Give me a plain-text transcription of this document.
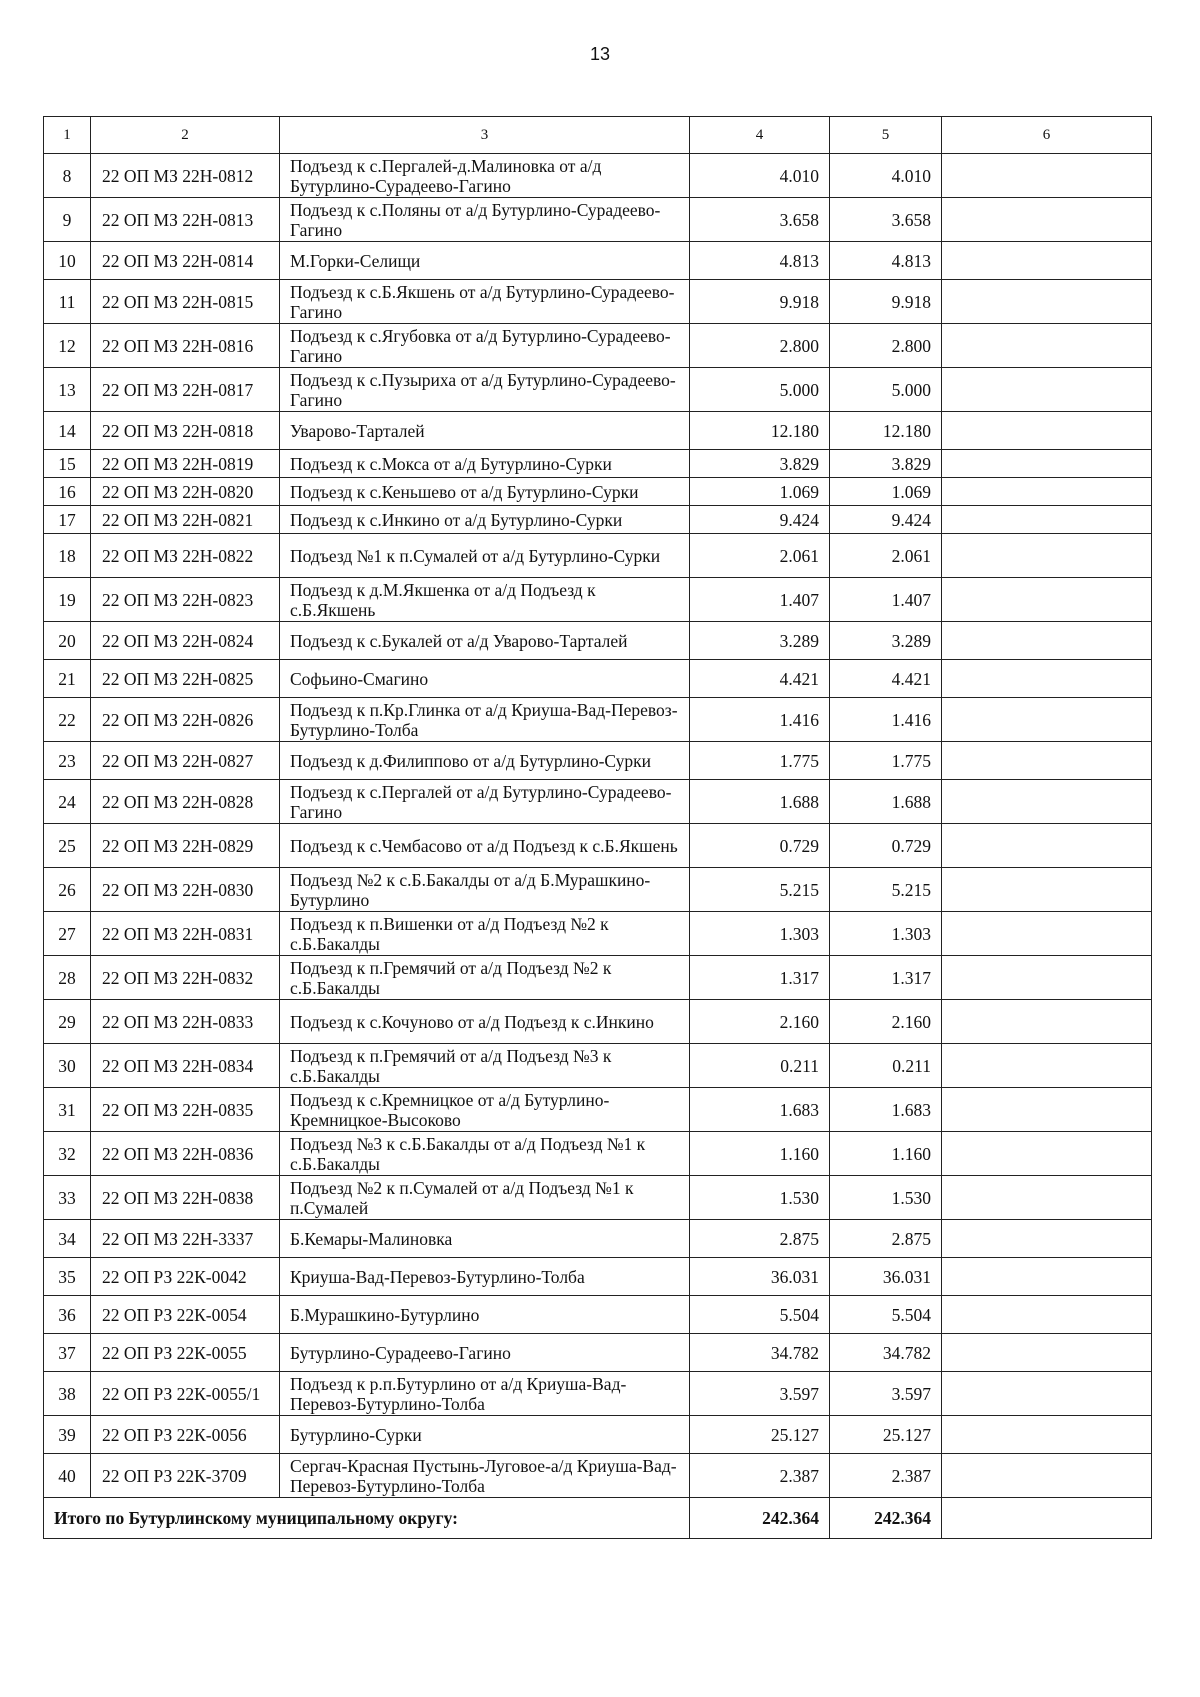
13
1	2	3	4	5	6
8	22 ОП МЗ 22Н-0812	Подъезд к с.Пергалей-д.Малиновка от а/д Бутурлино-Сурадеево-Гагино	4.010	4.010	
9	22 ОП МЗ 22Н-0813	Подъезд к с.Поляны от а/д Бутурлино-Сурадеево-Гагино	3.658	3.658	
10	22 ОП МЗ 22Н-0814	М.Горки-Селищи	4.813	4.813	
11	22 ОП МЗ 22Н-0815	Подъезд к с.Б.Якшень от а/д Бутурлино-Сурадеево-Гагино	9.918	9.918	
12	22 ОП МЗ 22Н-0816	Подъезд к с.Ягубовка от а/д Бутурлино-Сурадеево-Гагино	2.800	2.800	
13	22 ОП МЗ 22Н-0817	Подъезд к с.Пузыриха от а/д Бутурлино-Сурадеево-Гагино	5.000	5.000	
14	22 ОП МЗ 22Н-0818	Уварово-Тарталей	12.180	12.180	
15	22 ОП МЗ 22Н-0819	Подъезд к с.Мокса от а/д Бутурлино-Сурки	3.829	3.829	
16	22 ОП МЗ 22Н-0820	Подъезд к с.Кеньшево от а/д Бутурлино-Сурки	1.069	1.069	
17	22 ОП МЗ 22Н-0821	Подъезд к с.Инкино от а/д Бутурлино-Сурки	9.424	9.424	
18	22 ОП МЗ 22Н-0822	Подъезд №1 к п.Сумалей от а/д Бутурлино-Сурки	2.061	2.061	
19	22 ОП МЗ 22Н-0823	Подъезд к д.М.Якшенка от а/д Подъезд к с.Б.Якшень	1.407	1.407	
20	22 ОП МЗ 22Н-0824	Подъезд к с.Букалей от а/д Уварово-Тарталей	3.289	3.289	
21	22 ОП МЗ 22Н-0825	Софьино-Смагино	4.421	4.421	
22	22 ОП МЗ 22Н-0826	Подъезд к п.Кр.Глинка от а/д Криуша-Вад-Перевоз-Бутурлино-Толба	1.416	1.416	
23	22 ОП МЗ 22Н-0827	Подъезд к д.Филиппово от а/д Бутурлино-Сурки	1.775	1.775	
24	22 ОП МЗ 22Н-0828	Подъезд к с.Пергалей от а/д Бутурлино-Сурадеево-Гагино	1.688	1.688	
25	22 ОП МЗ 22Н-0829	Подъезд к с.Чембасово от а/д Подъезд к с.Б.Якшень	0.729	0.729	
26	22 ОП МЗ 22Н-0830	Подъезд №2 к с.Б.Бакалды от а/д Б.Мурашкино-Бутурлино	5.215	5.215	
27	22 ОП МЗ 22Н-0831	Подъезд к п.Вишенки от а/д Подъезд №2 к с.Б.Бакалды	1.303	1.303	
28	22 ОП МЗ 22Н-0832	Подъезд к п.Гремячий от а/д Подъезд №2 к с.Б.Бакалды	1.317	1.317	
29	22 ОП МЗ 22Н-0833	Подъезд к с.Кочуново от а/д Подъезд к с.Инкино	2.160	2.160	
30	22 ОП МЗ 22Н-0834	Подъезд к п.Гремячий от а/д Подъезд №3 к с.Б.Бакалды	0.211	0.211	
31	22 ОП МЗ 22Н-0835	Подъезд к с.Кремницкое от а/д Бутурлино-Кремницкое-Высоково	1.683	1.683	
32	22 ОП МЗ 22Н-0836	Подъезд №3 к с.Б.Бакалды от а/д Подъезд №1 к с.Б.Бакалды	1.160	1.160	
33	22 ОП МЗ 22Н-0838	Подъезд №2 к п.Сумалей от а/д Подъезд №1 к п.Сумалей	1.530	1.530	
34	22 ОП МЗ 22Н-3337	Б.Кемары-Малиновка	2.875	2.875	
35	22 ОП РЗ 22К-0042	Криуша-Вад-Перевоз-Бутурлино-Толба	36.031	36.031	
36	22 ОП РЗ 22К-0054	Б.Мурашкино-Бутурлино	5.504	5.504	
37	22 ОП РЗ 22К-0055	Бутурлино-Сурадеево-Гагино	34.782	34.782	
38	22 ОП РЗ 22К-0055/1	Подъезд к р.п.Бутурлино от а/д Криуша-Вад-Перевоз-Бутурлино-Толба	3.597	3.597	
39	22 ОП РЗ 22К-0056	Бутурлино-Сурки	25.127	25.127	
40	22 ОП РЗ 22К-3709	Сергач-Красная Пустынь-Луговое-а/д Криуша-Вад-Перевоз-Бутурлино-Толба	2.387	2.387	
Итого по Бутурлинскому муниципальному округу:			242.364	242.364	
